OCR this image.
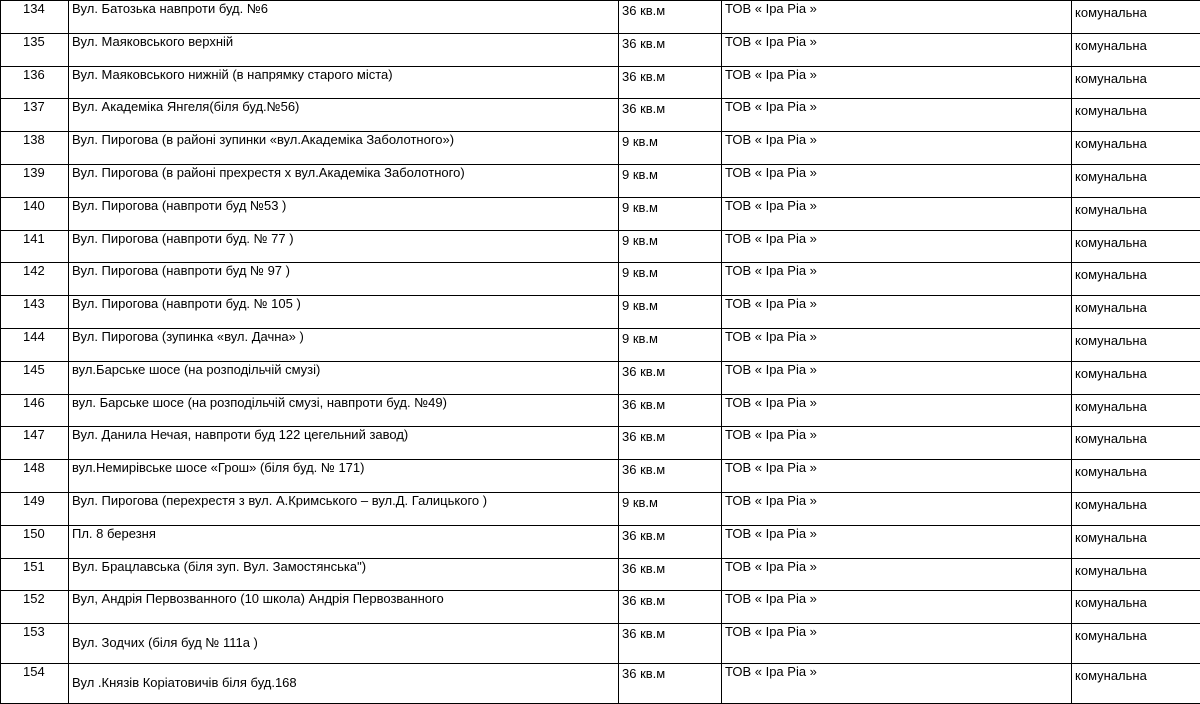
134	Вул. Батозька навпроти буд. №6	36 кв.м	ТОВ « Іра Ріа »	комунальна
135	Вул. Маяковського верхній	36 кв.м	ТОВ « Іра Ріа »	комунальна
136	Вул. Маяковського нижній (в напрямку старого міста)	36 кв.м	ТОВ « Іра Ріа »	комунальна
137	Вул. Академіка Янгеля(біля буд.№56)	36 кв.м	ТОВ « Іра Ріа »	комунальна
138	Вул. Пирогова (в районі зупинки «вул.Академіка Заболотного»)	9 кв.м	ТОВ « Іра Ріа »	комунальна
139	Вул. Пирогова (в районі прехрестя х вул.Академіка Заболотного)	9 кв.м	ТОВ « Іра Ріа »	комунальна
140	Вул. Пирогова (навпроти буд №53 )	9 кв.м	ТОВ « Іра Ріа »	комунальна
141	Вул. Пирогова (навпроти буд. № 77 )	9 кв.м	ТОВ « Іра Ріа »	комунальна
142	Вул. Пирогова (навпроти буд № 97 )	9 кв.м	ТОВ « Іра Ріа »	комунальна
143	Вул. Пирогова (навпроти буд. № 105 )	9 кв.м	ТОВ « Іра Ріа »	комунальна
144	Вул. Пирогова (зупинка «вул. Дачна» )	9 кв.м	ТОВ « Іра Ріа »	комунальна
145	вул.Барське шосе (на розподільчій смузі)	36 кв.м	ТОВ « Іра Ріа »	комунальна
146	вул. Барське шосе (на розподільчій смузі, навпроти буд. №49)	36 кв.м	ТОВ « Іра Ріа »	комунальна
147	Вул. Данила Нечая, навпроти буд 122 цегельний завод)	36 кв.м	ТОВ « Іра Ріа »	комунальна
148	вул.Немирівське шосе «Грош» (біля буд. № 171)	36 кв.м	ТОВ « Іра Ріа »	комунальна
149	Вул. Пирогова (перехрестя з вул. А.Кримського – вул.Д. Галицького )	9 кв.м	ТОВ « Іра Ріа »	комунальна
150	Пл. 8 березня	36 кв.м	ТОВ « Іра Ріа »	комунальна
151	Вул. Брацлавська (біля зуп. Вул. Замостянська")	36 кв.м	ТОВ « Іра Ріа »	комунальна
152	Вул, Андрія Первозванного (10 школа) Андрія Первозванного	36 кв.м	ТОВ « Іра Ріа »	комунальна
153	Вул. Зодчих (біля буд № 111а )	36 кв.м	ТОВ « Іра Ріа »	комунальна
154	Вул .Князів Коріатовичів біля буд.168	36 кв.м	ТОВ « Іра Ріа »	комунальна
